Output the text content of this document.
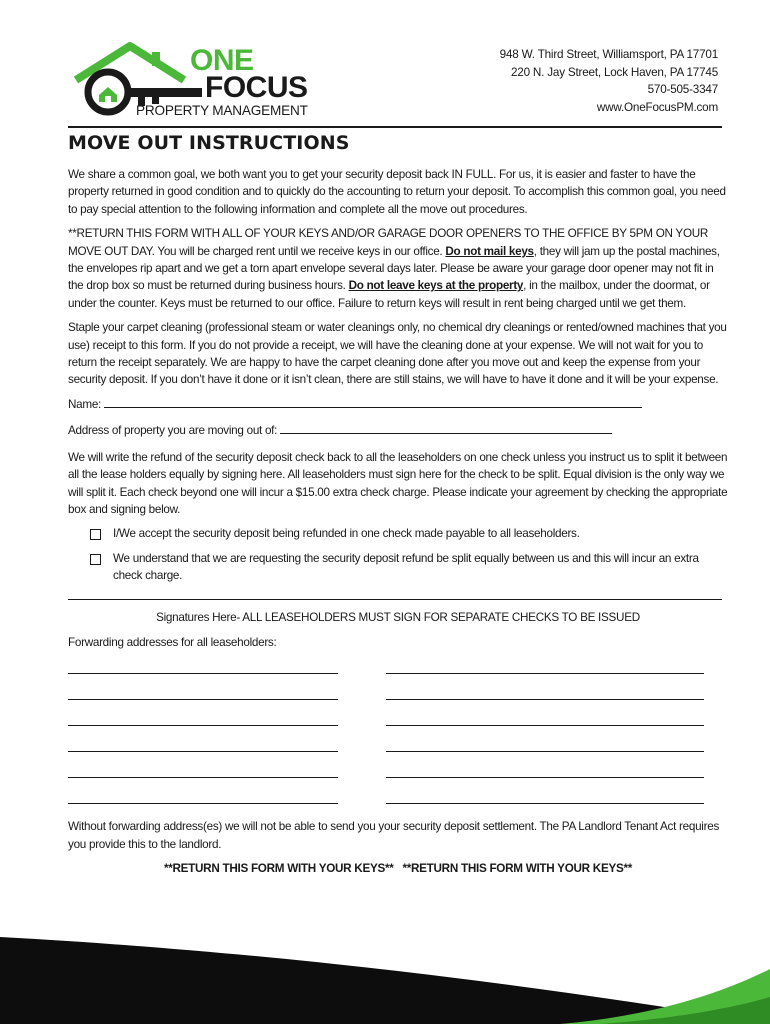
ONE
FOCUS
PROPERTY MANAGEMENT
948 W. Third Street, Williamsport, PA 17701
220 N. Jay Street, Lock Haven, PA 17745
570-505-3347
www.OneFocusPM.com
MOVE OUT INSTRUCTIONS

We share a common goal, we both want you to get your security deposit back IN FULL. For us, it is easier and faster to have the property returned in good condition and to quickly do the accounting to return your deposit. To accomplish this common goal, you need to pay special attention to the following information and complete all the move out procedures.

**RETURN THIS FORM WITH ALL OF YOUR KEYS AND/OR GARAGE DOOR OPENERS TO THE OFFICE BY 5PM ON YOUR MOVE OUT DAY. You will be charged rent until we receive keys in our office. Do not mail keys, they will jam up the postal machines, the envelopes rip apart and we get a torn apart envelope several days later. Please be aware your garage door opener may not fit in the drop box so must be returned during business hours. Do not leave keys at the property, in the mailbox, under the doormat, or under the counter. Keys must be returned to our office. Failure to return keys will result in rent being charged until we get them.

Staple your carpet cleaning (professional steam or water cleanings only, no chemical dry cleanings or rented/owned machines that you use) receipt to this form. If you do not provide a receipt, we will have the cleaning done at your expense. We will not wait for you to return the receipt separately. We are happy to have the carpet cleaning done after you move out and keep the expense from your security deposit. If you don’t have it done or it isn’t clean, there are still stains, we will have to have it done and it will be your expense.

Name:

Address of property you are moving out of:

We will write the refund of the security deposit check back to all the leaseholders on one check unless you instruct us to split it between all the lease holders equally by signing here. All leaseholders must sign here for the check to be split. Equal division is the only way we will split it. Each check beyond one will incur a $15.00 extra check charge. Please indicate your agreement by checking the appropriate box and signing below.

I/We accept the security deposit being refunded in one check made payable to all leaseholders.
We understand that we are requesting the security deposit refund be split equally between us and this will incur an extra check charge.
Signatures Here- ALL LEASEHOLDERS MUST SIGN FOR SEPARATE CHECKS TO BE ISSUED
Forwarding addresses for all leaseholders:

Without forwarding address(es) we will not be able to send you your security deposit settlement. The PA Landlord Tenant Act requires you provide this to the landlord.

**RETURN THIS FORM WITH YOUR KEYS**   **RETURN THIS FORM WITH YOUR KEYS**
